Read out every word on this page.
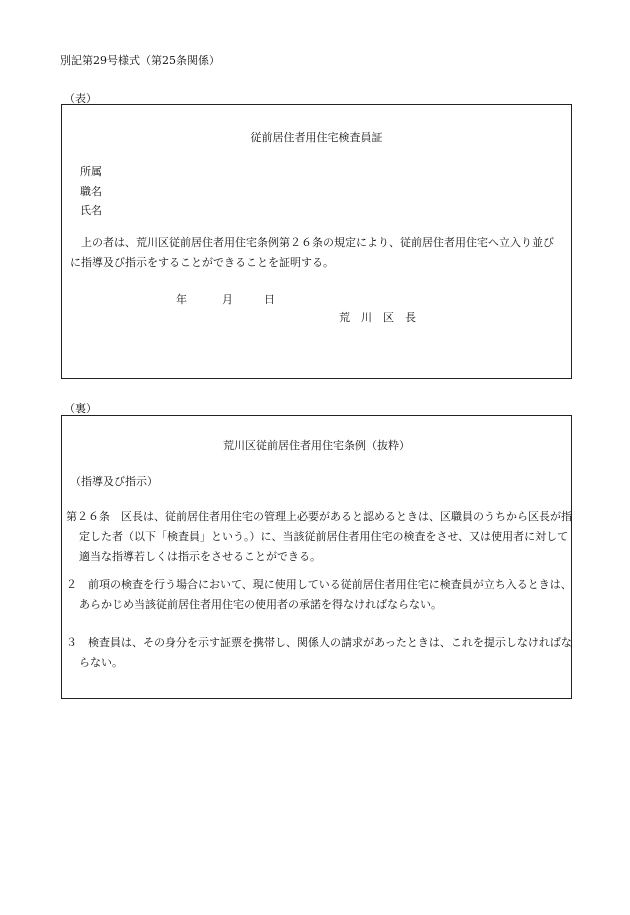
別記第29号様式（第25条関係）
（表）
従前居住者用住宅検査員証
所属
職名
氏名
上の者は、荒川区従前居住者用住宅条例第２６条の規定により、従前居住者用住宅へ立入り並びに指導及び指示をすることができることを証明する。
年	月	日
荒　川　区　長
（裏）
荒川区従前居住者用住宅条例（抜粋）
（指導及び指示）
第２６条　区長は、従前居住者用住宅の管理上必要があると認めるときは、区職員のうちから区長が指定した者（以下「検査員」という。）に、当該従前居住者用住宅の検査をさせ、又は使用者に対して適当な指導若しくは指示をさせることができる。
２　前項の検査を行う場合において、現に使用している従前居住者用住宅に検査員が立ち入るときは、あらかじめ当該従前居住者用住宅の使用者の承諾を得なければならない。
３　検査員は、その身分を示す証票を携帯し、関係人の請求があったときは、これを提示しなければならない。
